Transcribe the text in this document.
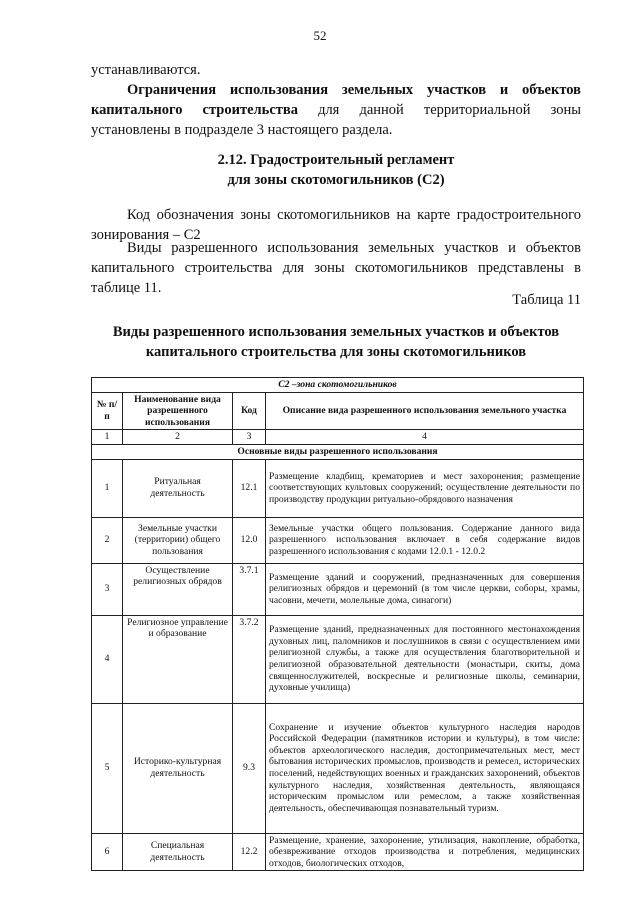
52

устанавливаются.

Ограничения использования земельных участков и объектов капитального строительства для данной территориальной зоны установлены в подразделе 3 настоящего раздела.

2.12. Градостроительный регламент

для зоны скотомогильников (С2)

Код обозначения зоны скотомогильников на карте градостроительного зонирования – С2

Виды разрешенного использования земельных участков и объектов капитального строительства для зоны скотомогильников представлены в таблице 11.

Таблица 11

Виды разрешенного использования земельных участков и объектов

капитального строительства для зоны скотомогильников

С2 –зона скотомогильников			
№ п/п	Наименование вида разрешенного использования	Код	Описание вида разрешенного использования земельного участка
1	2	3	4
Основные виды разрешенного использования			
1	Ритуальная деятельность	12.1	Размещение кладбищ, крематориев и мест захоронения; размещение соответствующих культовых сооружений; осуществление деятельности по производству продукции ритуально-обрядового назначения
2	Земельные участки (территории) общего пользования	12.0	Земельные участки общего пользования. Содержание данного вида разрешенного использования включает в себя содержание видов разрешенного использования с кодами 12.0.1 - 12.0.2
3	Осуществление религиозных обрядов	3.7.1	Размещение зданий и сооружений, предназначенных для совершения религиозных обрядов и церемоний (в том числе церкви, соборы, храмы, часовни, мечети, молельные дома, синагоги)
4	Религиозное управление и образование	3.7.2	Размещение зданий, предназначенных для постоянного местонахождения духовных лиц, паломников и послушников в связи с осуществлением ими религиозной службы, а также для осуществления благотворительной и религиозной образовательной деятельности (монастыри, скиты, дома священнослужителей, воскресные и религиозные школы, семинарии, духовные училища)
5	Историко-культурная деятельность	9.3	Сохранение и изучение объектов культурного наследия народов Российской Федерации (памятников истории и культуры), в том числе: объектов археологического наследия, достопримечательных мест, мест бытования исторических промыслов, производств и ремесел, исторических поселений, недействующих военных и гражданских захоронений, объектов культурного наследия, хозяйственная деятельность, являющаяся историческим промыслом или ремеслом, а также хозяйственная деятельность, обеспечивающая познавательный туризм.
6	Специальная деятельность	12.2	Размещение, хранение, захоронение, утилизация, накопление, обработка, обезвреживание отходов производства и потребления, медицинских отходов, биологических отходов,
